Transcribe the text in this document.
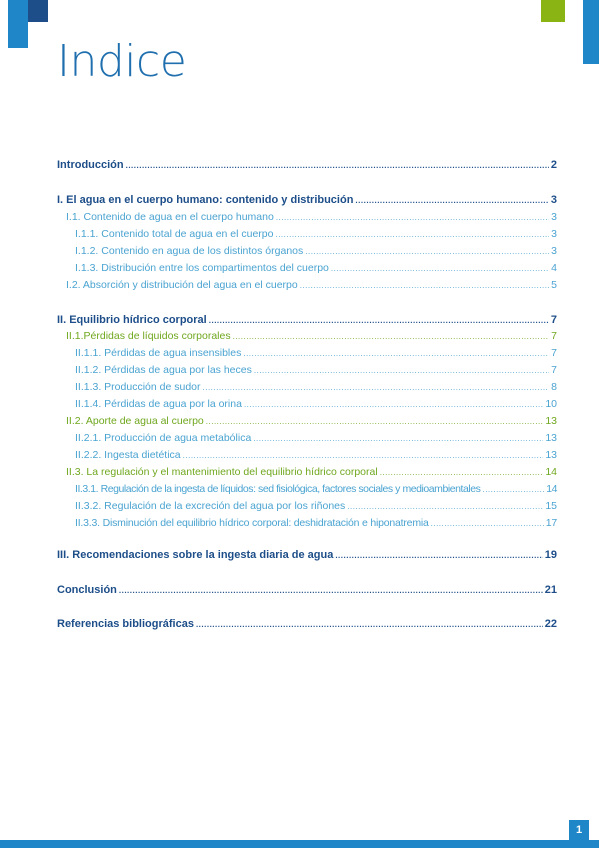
Indice
Introducción .....	2
I. El agua en el cuerpo humano: contenido y distribución .....	3
I.1. Contenido de agua en el cuerpo humano .....	3
I.1.1. Contenido total de agua en el cuerpo .....	3
I.1.2. Contenido en agua de los distintos órganos .....	3
I.1.3. Distribución entre los compartimentos del cuerpo .....	4
I.2. Absorción y distribución del agua en el cuerpo .....	5
II. Equilibrio hídrico corporal .....	7
II.1.Pérdidas de líquidos corporales .....	7
II.1.1. Pérdidas de agua insensibles .....	7
II.1.2. Pérdidas de agua por las heces .....	7
II.1.3. Producción de sudor .....	8
II.1.4. Pérdidas de agua por la orina .....	10
II.2. Aporte de agua al cuerpo .....	13
II.2.1. Producción de agua metabólica .....	13
II.2.2. Ingesta dietética .....	13
II.3. La regulación y el mantenimiento del equilibrio hídrico corporal .....	14
II.3.1. Regulación de la ingesta de líquidos: sed fisiológica, factores sociales y medioambientales .....	14
II.3.2. Regulación de la excreción del agua por los riñones .....	15
II.3.3. Disminución del equilibrio hídrico corporal: deshidratación e hiponatremia .....	17
III. Recomendaciones sobre la ingesta diaria de agua .....	19
Conclusión .....	21
Referencias bibliográficas .....	22
1
